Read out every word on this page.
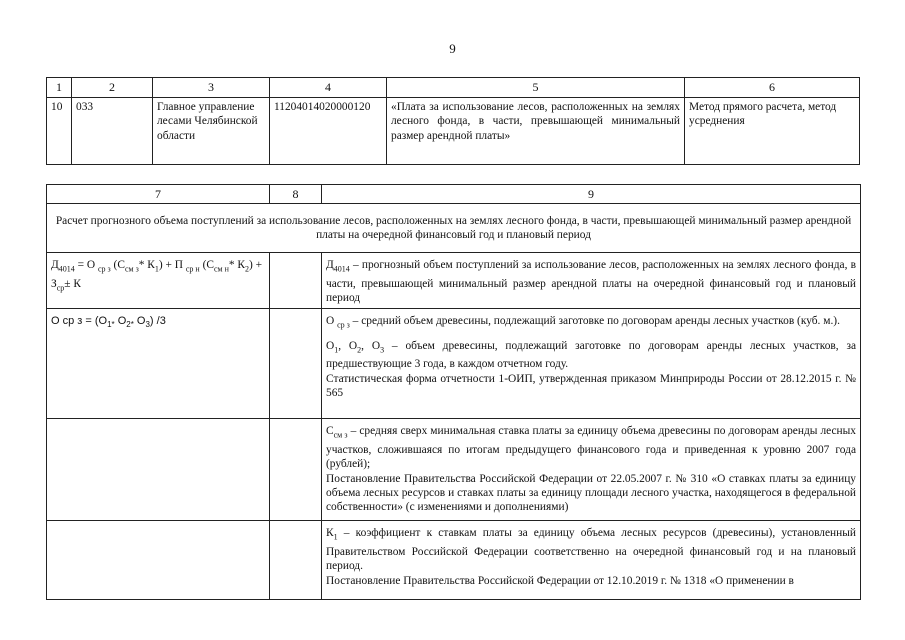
9
1	2	3	4	5	6
10	033	Главное управление лесами Челябинской области	11204014020000120	«Плата за использование лесов, расположенных на землях лесного фонда, в части, превышающей минимальный размер арендной платы»	Метод прямого расчета, метод усреднения
7	8	9
Расчет прогнозного объема поступлений за использование лесов, расположенных на землях лесного фонда, в части, превышающей минимальный размер арендной платы на очередной финансовый год и плановый период		
$Д_{4014} = О$ $_{ср з}$ ($С_{см з}*$ $К_1) + П$ $_{ср н}$ ($С_{см н}*$ $К_2) + З_{ср}\pm К$		$Д_{4014}$ – прогнозный объем поступлений за использование лесов, расположенных на землях лесного фонда, в части, превышающей минимальный размер арендной платы на очередной финансовый год и плановый период
О ср $з = (О_{1*}$ $О_{2*}$ $О_3$) /3		О $_{ср з}$ – средний объем древесины, подлежащий заготовке по договорам аренды лесных участков (куб. м.).
$О_1$, $О_2$, $О_3$ – объем древесины, подлежащий заготовке по договорам аренды лесных участков, за предшествующие 3 года, в каждом отчетном году.
Статистическая форма отчетности 1-ОИП, утвержденная приказом Минприроды России от 28.12.2015 г. № 565

		$С_{см з}$ – средняя сверх минимальная ставка платы за единицу объема древесины по договорам аренды лесных участков, сложившаяся по итогам предыдущего финансового года и приведенная к уровню 2007 года (рублей);
Постановление Правительства Российской Федерации от 22.05.2007 г. № 310 «О ставках платы за единицу объема лесных ресурсов и ставках платы за единицу площади лесного участка, находящегося в федеральной собственности» (с изменениями и дополнениями)

		$К_1$ – коэффициент к ставкам платы за единицу объема лесных ресурсов (древесины), установленный Правительством Российской Федерации соответственно на очередной финансовый год и на плановый период.
Постановление Правительства Российской Федерации от 12.10.2019 г. № 1318 «О применении в
